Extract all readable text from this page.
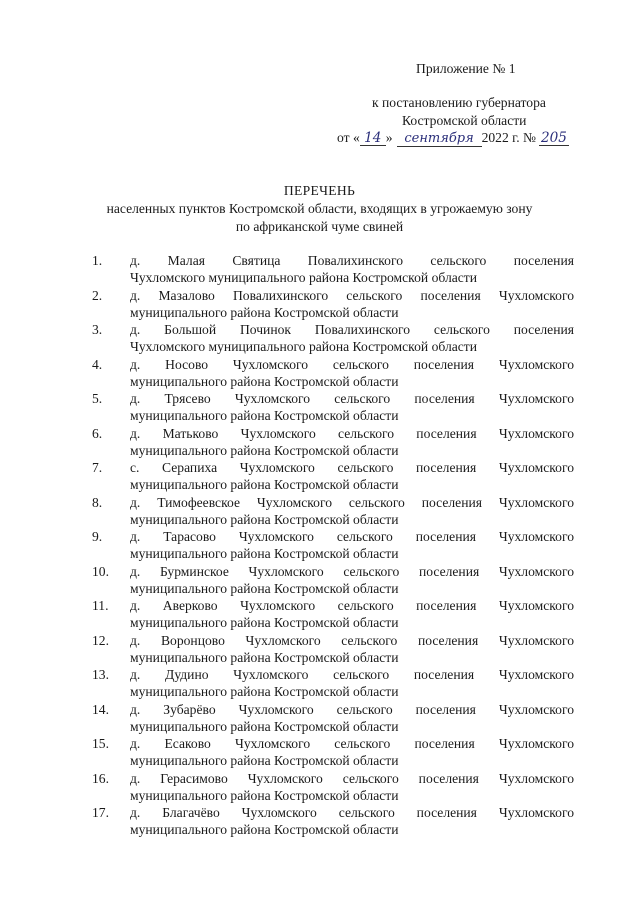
Приложение № 1
к постановлению губернатора
Костромской области
от « 14 » сентября 2022 г. № 205
ПЕРЕЧЕНЬ
населенных пунктов Костромской области, входящих в угрожаемую зону
по африканской чуме свиней
1. д. Малая Святица Повалихинского сельского поселения
Чухломского муниципального района Костромской области
2. д. Мазалово Повалихинского сельского поселения Чухломского
муниципального района Костромской области
3. д. Большой Починок Повалихинского сельского поселения
Чухломского муниципального района Костромской области
4. д. Носово Чухломского сельского поселения Чухломского
муниципального района Костромской области
5. д. Трясево Чухломского сельского поселения Чухломского
муниципального района Костромской области
6. д. Матьково Чухломского сельского поселения Чухломского
муниципального района Костромской области
7. с. Серапиха Чухломского сельского поселения Чухломского
муниципального района Костромской области
8. д. Тимофеевское Чухломского сельского поселения Чухломского
муниципального района Костромской области
9. д. Тарасово Чухломского сельского поселения Чухломского
муниципального района Костромской области
10. д. Бурминское Чухломского сельского поселения Чухломского
муниципального района Костромской области
11. д. Аверково Чухломского сельского поселения Чухломского
муниципального района Костромской области
12. д. Воронцово Чухломского сельского поселения Чухломского
муниципального района Костромской области
13. д. Дудино Чухломского сельского поселения Чухломского
муниципального района Костромской области
14. д. Зубарёво Чухломского сельского поселения Чухломского
муниципального района Костромской области
15. д. Есаково Чухломского сельского поселения Чухломского
муниципального района Костромской области
16. д. Герасимово Чухломского сельского поселения Чухломского
муниципального района Костромской области
17. д. Благачёво Чухломского сельского поселения Чухломского
муниципального района Костромской области
